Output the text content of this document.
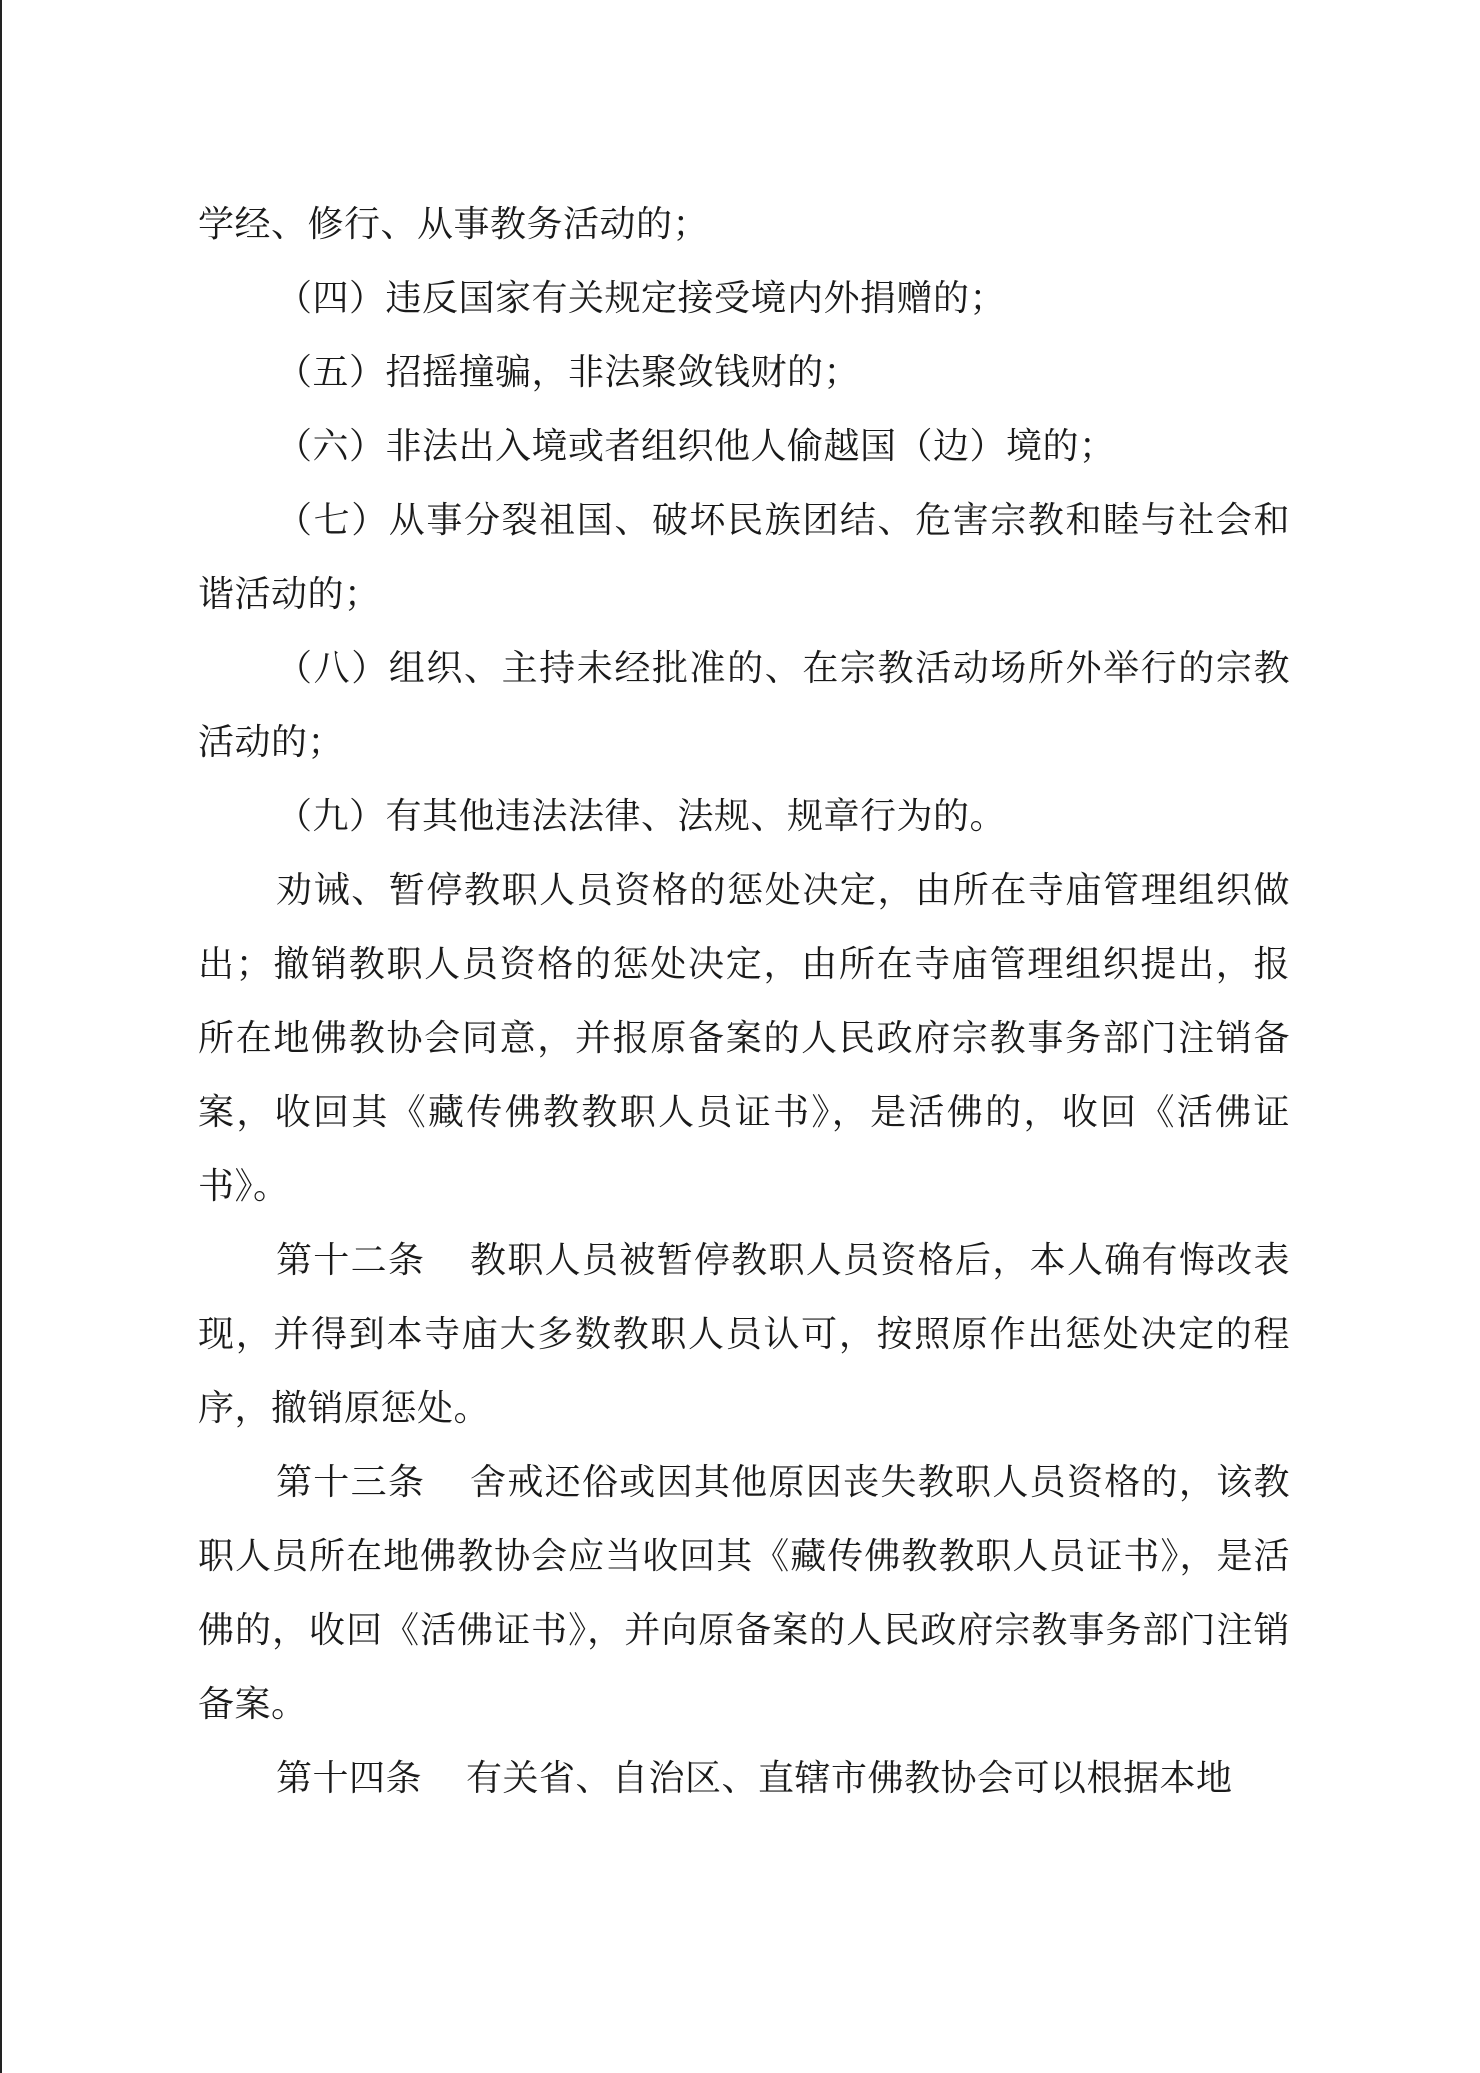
学经、修行、从事教务活动的；

（四）违反国家有关规定接受境内外捐赠的；

（五）招摇撞骗，非法聚敛钱财的；

（六）非法出入境或者组织他人偷越国（边）境的；

（七）从事分裂祖国、破坏民族团结、危害宗教和睦与社会和谐活动的；

（八）组织、主持未经批准的、在宗教活动场所外举行的宗教活动的；

（九）有其他违法法律、法规、规章行为的。

劝诫、暂停教职人员资格的惩处决定，由所在寺庙管理组织做出；撤销教职人员资格的惩处决定，由所在寺庙管理组织提出，报所在地佛教协会同意，并报原备案的人民政府宗教事务部门注销备案，收回其《藏传佛教教职人员证书》，是活佛的，收回《活佛证书》。

第十二条 教职人员被暂停教职人员资格后，本人确有悔改表现，并得到本寺庙大多数教职人员认可，按照原作出惩处决定的程序，撤销原惩处。

第十三条 舍戒还俗或因其他原因丧失教职人员资格的，该教职人员所在地佛教协会应当收回其《藏传佛教教职人员证书》，是活佛的，收回《活佛证书》，并向原备案的人民政府宗教事务部门注销备案。

第十四条 有关省、自治区、直辖市佛教协会可以根据本地
